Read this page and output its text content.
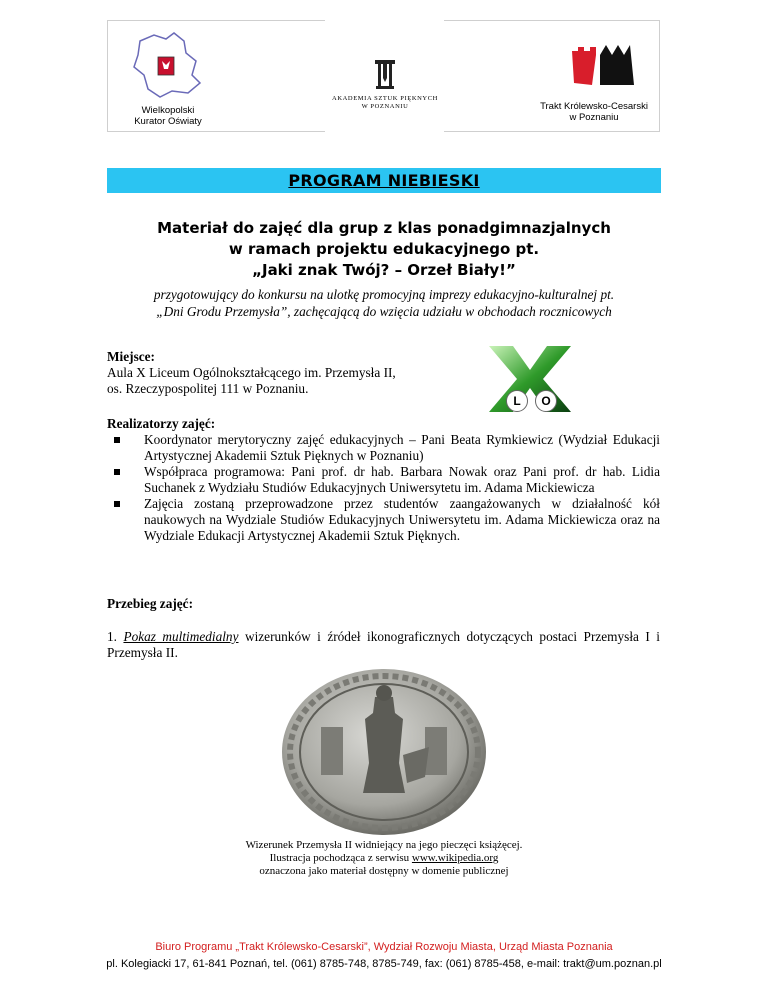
Wielkopolski
Kurator Oświaty
AKADEMIA SZTUK PIĘKNYCH
W POZNANIU	Trakt Królewsko-Cesarski
w Poznaniu
PROGRAM NIEBIESKI
Materiał do zajęć dla grup z klas ponadgimnazjalnych
w ramach projektu edukacyjnego pt.
„Jaki znak Twój? – Orzeł Biały!”
przygotowujący do konkursu na ulotkę promocyjną imprezy edukacyjno-kulturalnej pt.
„Dni Grodu Przemysła”, zachęcającą do wzięcia udziału w obchodach rocznicowych
Miejsce:
Aula X Liceum Ogólnokształcącego im. Przemysła II,
os. Rzeczypospolitej 111 w Poznaniu.
L	O
Realizatorzy zajęć:
Koordynator merytoryczny zajęć edukacyjnych – Pani Beata Rymkiewicz (Wydział Edukacji Artystycznej Akademii Sztuk Pięknych w Poznaniu)
Współpraca programowa: Pani prof. dr hab. Barbara Nowak oraz Pani prof. dr hab. Lidia Suchanek z Wydziału Studiów Edukacyjnych Uniwersytetu im. Adama Mickiewicza
Zajęcia zostaną przeprowadzone przez studentów zaangażowanych w działalność kół naukowych na Wydziale Studiów Edukacyjnych Uniwersytetu im. Adama Mickiewicza oraz na Wydziale Edukacji Artystycznej Akademii Sztuk Pięknych.
Przebieg zajęć:
1. Pokaz multimedialny wizerunków i źródeł ikonograficznych dotyczących postaci Przemysła I i Przemysła II.
Wizerunek Przemysła II widniejący na jego pieczęci książęcej.
Ilustracja pochodząca z serwisu www.wikipedia.org
oznaczona jako materiał dostępny w domenie publicznej
Biuro Programu „Trakt Królewsko-Cesarski”, Wydział Rozwoju Miasta, Urząd Miasta Poznania
pl. Kolegiacki 17, 61-841 Poznań, tel. (061) 8785-748, 8785-749, fax: (061) 8785-458, e-mail: trakt@um.poznan.pl
